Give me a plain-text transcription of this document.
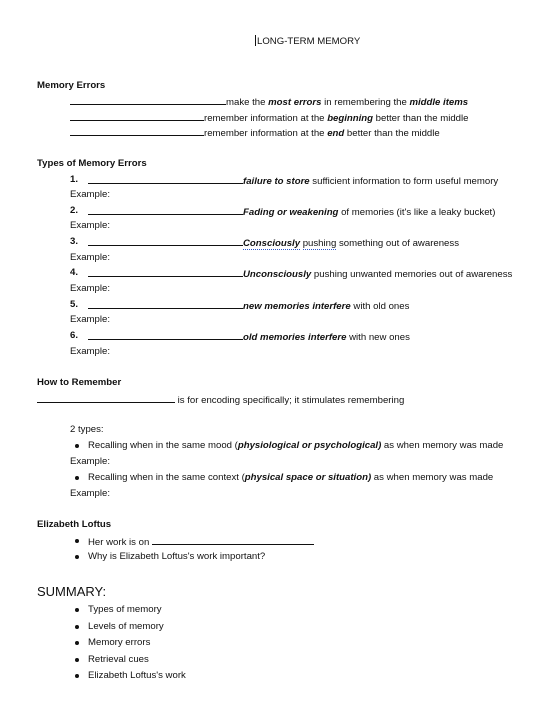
LONG-TERM MEMORY
Memory Errors
make the most errors in remembering the middle items
remember information at the beginning better than the middle
remember information at the end better than the middle
Types of Memory Errors
1.	failure to store sufficient information to form useful memory
Example:
2.	Fading or weakening of memories (it's like a leaky bucket)
Example:
3.	Consciously pushing something out of awareness
Example:
4.	Unconsciously pushing unwanted memories out of awareness
Example:
5.	new memories interfere with old ones
Example:
6.	old memories interfere with new ones
Example:
How to Remember
is for encoding specifically; it stimulates remembering
2 types:
Recalling when in the same mood (physiological or psychological) as when memory was made
Example:
Recalling when in the same context (physical space or situation) as when memory was made
Example:
Elizabeth Loftus
Her work is on
Why is Elizabeth Loftus's work important?
SUMMARY:
Types of memory
Levels of memory
Memory errors
Retrieval cues
Elizabeth Loftus's work
